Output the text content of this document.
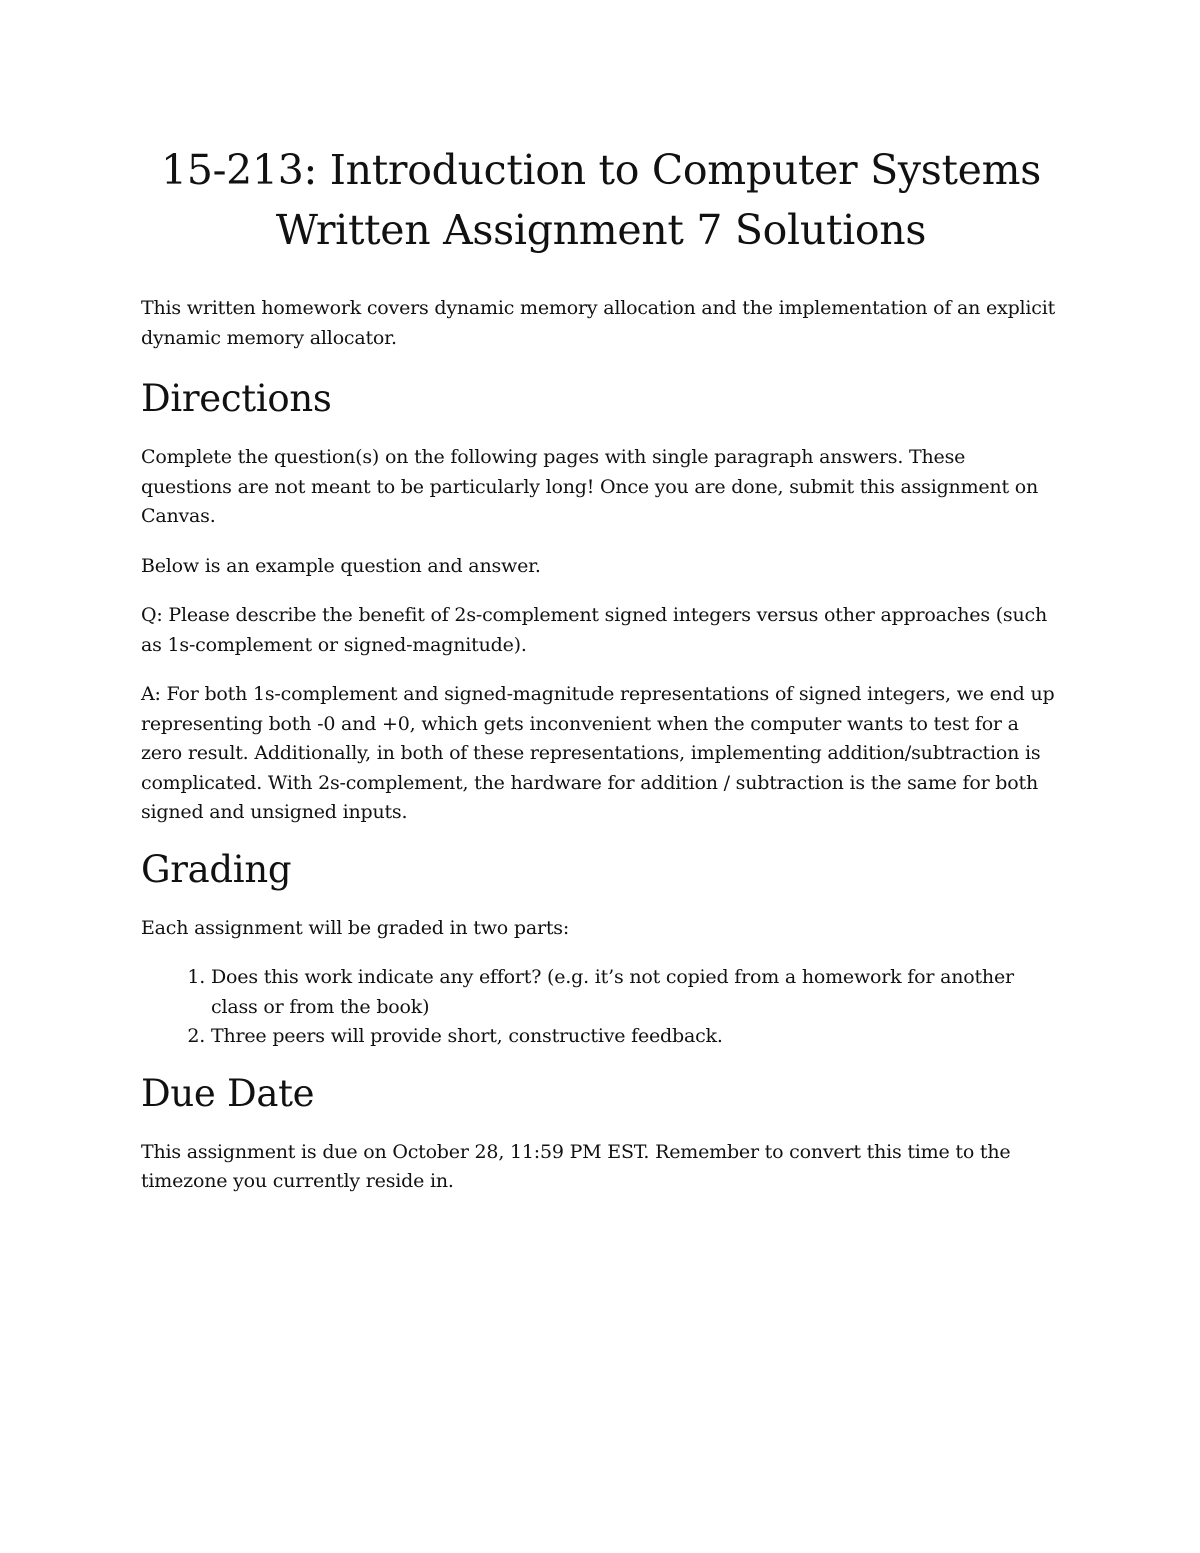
15-213: Introduction to Computer Systems
Written Assignment 7 Solutions

This written homework covers dynamic memory allocation and the implementation of an explicit dynamic memory allocator.

Directions

Complete the question(s) on the following pages with single paragraph answers. These questions are not meant to be particularly long! Once you are done, submit this assignment on Canvas.

Below is an example question and answer.

Q: Please describe the benefit of 2s-complement signed integers versus other approaches (such as 1s-complement or signed-magnitude).

A: For both 1s-complement and signed-magnitude representations of signed integers, we end up representing both -0 and +0, which gets inconvenient when the computer wants to test for a zero result. Additionally, in both of these representations, implementing addition/subtraction is complicated. With 2s-complement, the hardware for addition / subtraction is the same for both signed and unsigned inputs.

Grading

Each assignment will be graded in two parts:

1. Does this work indicate any effort? (e.g. it’s not copied from a homework for another class or from the book)
2. Three peers will provide short, constructive feedback.
Due Date

This assignment is due on October 28, 11:59 PM EST. Remember to convert this time to the timezone you currently reside in.
